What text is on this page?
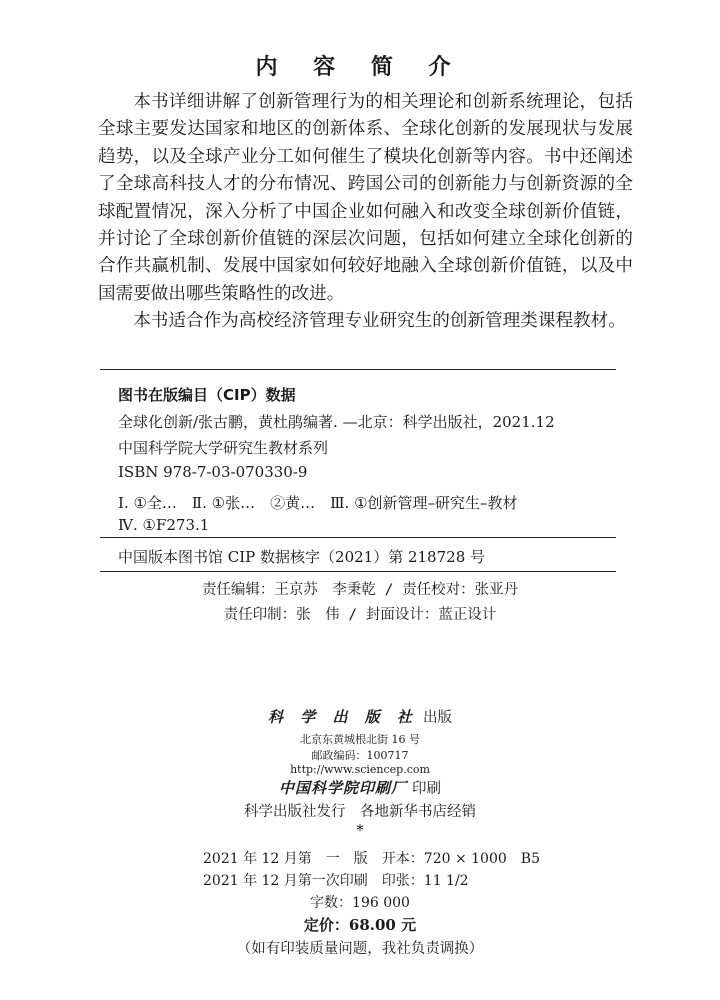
内 容 简 介

本书详细讲解了创新管理行为的相关理论和创新系统理论，包括全球主要发达国家和地区的创新体系、全球化创新的发展现状与发展趋势，以及全球产业分工如何催生了模块化创新等内容。书中还阐述了全球高科技人才的分布情况、跨国公司的创新能力与创新资源的全球配置情况，深入分析了中国企业如何融入和改变全球创新价值链，并讨论了全球创新价值链的深层次问题，包括如何建立全球化创新的合作共赢机制、发展中国家如何较好地融入全球创新价值链，以及中国需要做出哪些策略性的改进。

本书适合作为高校经济管理专业研究生的创新管理类课程教材。

图书在版编目（CIP）数据
全球化创新/张古鹏，黄杜鹃编著. —北京：科学出版社，2021.12
中国科学院大学研究生教材系列
ISBN 978-7-03-070330-9
Ⅰ. ①全…　Ⅱ. ①张…　②黄…　Ⅲ. ①创新管理–研究生–教材
Ⅳ. ①F273.1
中国版本图书馆 CIP 数据核字（2021）第 218728 号
责任编辑：王京苏　李秉乾 / 责任校对：张亚丹
责任印制：张　伟 / 封面设计：蓝正设计
科 学 出 版 社 出版
北京东黄城根北街 16 号
邮政编码：100717
http://www.sciencep.com
中国科学院印刷厂 印刷
科学出版社发行　各地新华书店经销
*
2021 年 12 月第　一　版　开本：720 × 1000　B5
2021 年 12 月第一次印刷　印张：11 1/2
字数：196 000
定价：68.00 元
（如有印装质量问题，我社负责调换）
